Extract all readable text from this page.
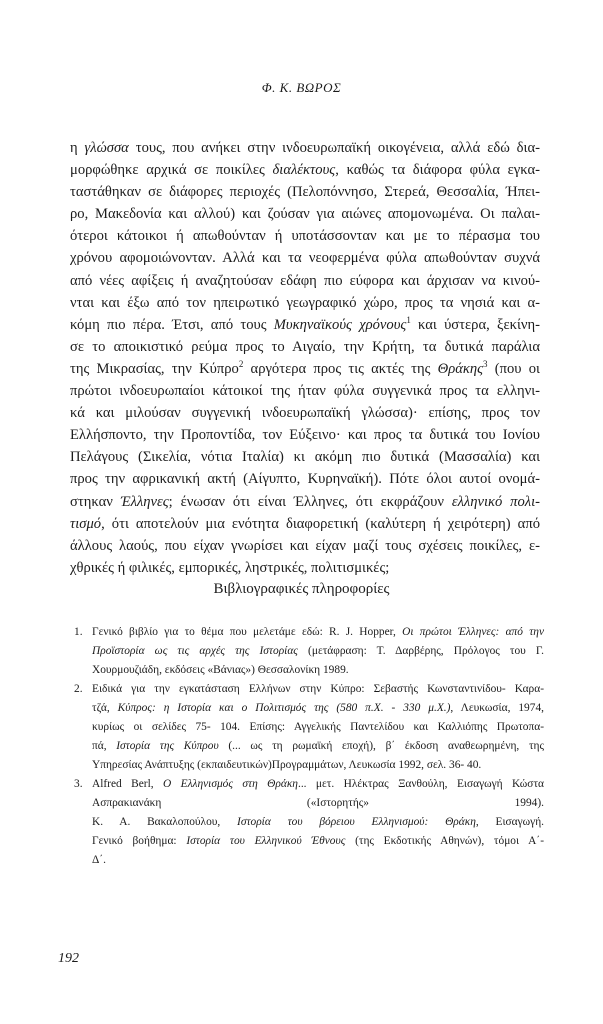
Φ. Κ. ΒΩΡΟΣ
η γλώσσα τους, που ανήκει στην ινδοευρωπαϊκή οικογένεια, αλλά εδώ δια-
μορφώθηκε αρχικά σε ποικίλες διαλέκτους, καθώς τα διάφορα φύλα εγκα-
ταστάθηκαν σε διάφορες περιοχές (Πελοπόννησο, Στερεά, Θεσσαλία, Ήπει-
ρο, Μακεδονία και αλλού) και ζούσαν για αιώνες απομονωμένα. Οι παλαι-
ότεροι κάτοικοι ή απωθούνταν ή υποτάσσονταν και με το πέρασμα του
χρόνου αφομοιώνονταν. Αλλά και τα νεοφερμένα φύλα απωθούνταν συχνά
από νέες αφίξεις ή αναζητούσαν εδάφη πιο εύφορα και άρχισαν να κινού-
νται και έξω από τον ηπειρωτικό γεωγραφικό χώρο, προς τα νησιά και α-
κόμη πιο πέρα. Έτσι, από τους Μυκηναϊκούς χρόνους$^1$ και ύστερα, ξεκίνη-
σε το αποικιστικό ρεύμα προς το Αιγαίο, την Κρήτη, τα δυτικά παράλια
της Μικρασίας, την Κύπρο$^2$ αργότερα προς τις ακτές της Θράκης$^3$ (που οι
πρώτοι ινδοευρωπαίοι κάτοικοί της ήταν φύλα συγγενικά προς τα ελληνι-
κά και μιλούσαν συγγενική ινδοευρωπαϊκή γλώσσα)· επίσης, προς τον
Ελλήσποντο, την Προποντίδα, τον Εύξεινο· και προς τα δυτικά του Ιονίου
Πελάγους (Σικελία, νότια Ιταλία) κι ακόμη πιο δυτικά (Μασσαλία) και
προς την αφρικανική ακτή (Αίγυπτο, Κυρηναϊκή). Πότε όλοι αυτοί ονομά-
στηκαν Έλληνες; ένωσαν ότι είναι Έλληνες, ότι εκφράζουν ελληνικό πολι-
τισμό, ότι αποτελούν μια ενότητα διαφορετική (καλύτερη ή χειρότερη) από
άλλους λαούς, που είχαν γνωρίσει και είχαν μαζί τους σχέσεις ποικίλες, ε-
χθρικές ή φιλικές, εμπορικές, ληστρικές, πολιτισμικές;
Βιβλιογραφικές πληροφορίες
1. Γενικό βιβλίο για το θέμα που μελετάμε εδώ: R. J. Hopper, Οι πρώτοι Έλληνες: από την
Προϊστορία ως τις αρχές της Ιστορίας (μετάφραση: Τ. Δαρβέρης, Πρόλογος του Γ.
Χουρμουζιάδη, εκδόσεις «Βάνιας») Θεσσαλονίκη 1989.
2. Ειδικά για την εγκατάσταση Ελλήνων στην Κύπρο: Σεβαστής Κωνσταντινίδου- Καρα-
τζά, Κύπρος: η Ιστορία και ο Πολιτισμός της (580 π.Χ. - 330 μ.Χ.), Λευκωσία, 1974,
κυρίως οι σελίδες 75- 104. Επίσης: Αγγελικής Παντελίδου και Καλλιόπης Πρωτοπα-
πά, Ιστορία της Κύπρου (... ως τη ρωμαϊκή εποχή), β΄ έκδοση αναθεωρημένη, της
Υπηρεσίας Ανάπτυξης (εκπαιδευτικών)Προγραμμάτων, Λευκωσία 1992, σελ. 36- 40.
3. Alfred Berl, Ο Ελληνισμός στη Θράκη... μετ. Ηλέκτρας Ξανθούλη, Εισαγωγή Κώστα
Ασπρακιανάκη («Ιστορητής» 1994).
Κ. Α. Βακαλοπούλου, Ιστορία του βόρειου Ελληνισμού: Θράκη, Εισαγωγή.
Γενικό βοήθημα: Ιστορία του Ελληνικού Έθνους (της Εκδοτικής Αθηνών), τόμοι Α΄-
Δ΄.
192
